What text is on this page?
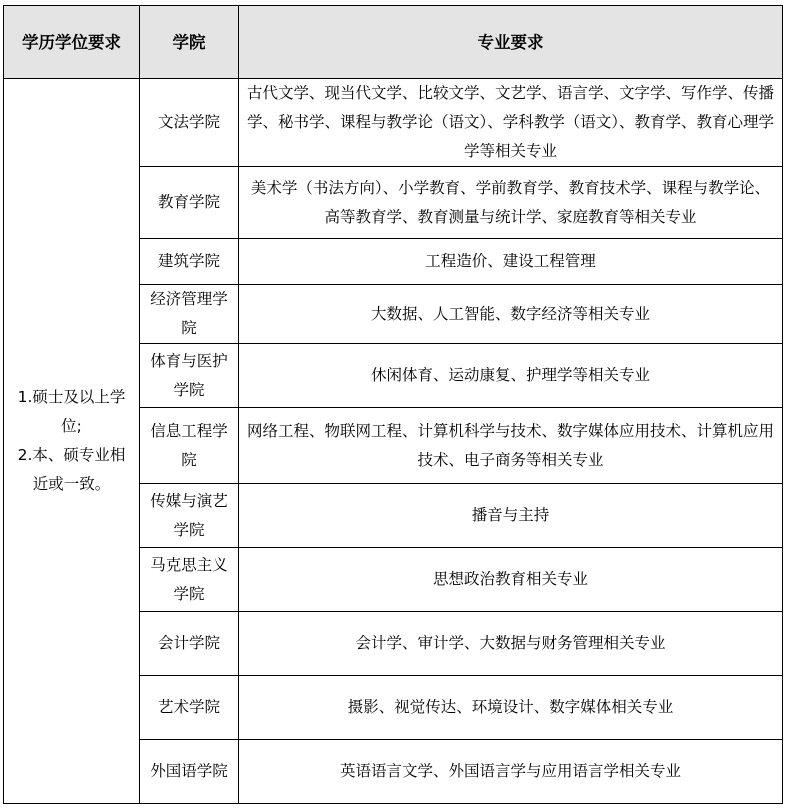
学历学位要求	学院	专业要求

1.硕士及以上学位;
2.本、硕专业相近或一致。	文法学院	古代文学、现当代文学、比较文学、文艺学、语言学、文字学、写作学、传播学、秘书学、课程与教学论（语文）、学科教学（语文）、教育学、教育心理学学等相关专业
	教育学院	美术学（书法方向）、小学教育、学前教育学、教育技术学、课程与教学论、高等教育学、教育测量与统计学、家庭教育等相关专业
	建筑学院	工程造价、建设工程管理
	经济管理学院	大数据、人工智能、数字经济等相关专业
	体育与医护学院	休闲体育、运动康复、护理学等相关专业
	信息工程学院	网络工程、物联网工程、计算机科学与技术、数字媒体应用技术、计算机应用技术、电子商务等相关专业
	传媒与演艺学院	播音与主持
	马克思主义学院	思想政治教育相关专业
	会计学院	会计学、审计学、大数据与财务管理相关专业
	艺术学院	摄影、视觉传达、环境设计、数字媒体相关专业
	外国语学院	英语语言文学、外国语言学与应用语言学相关专业
